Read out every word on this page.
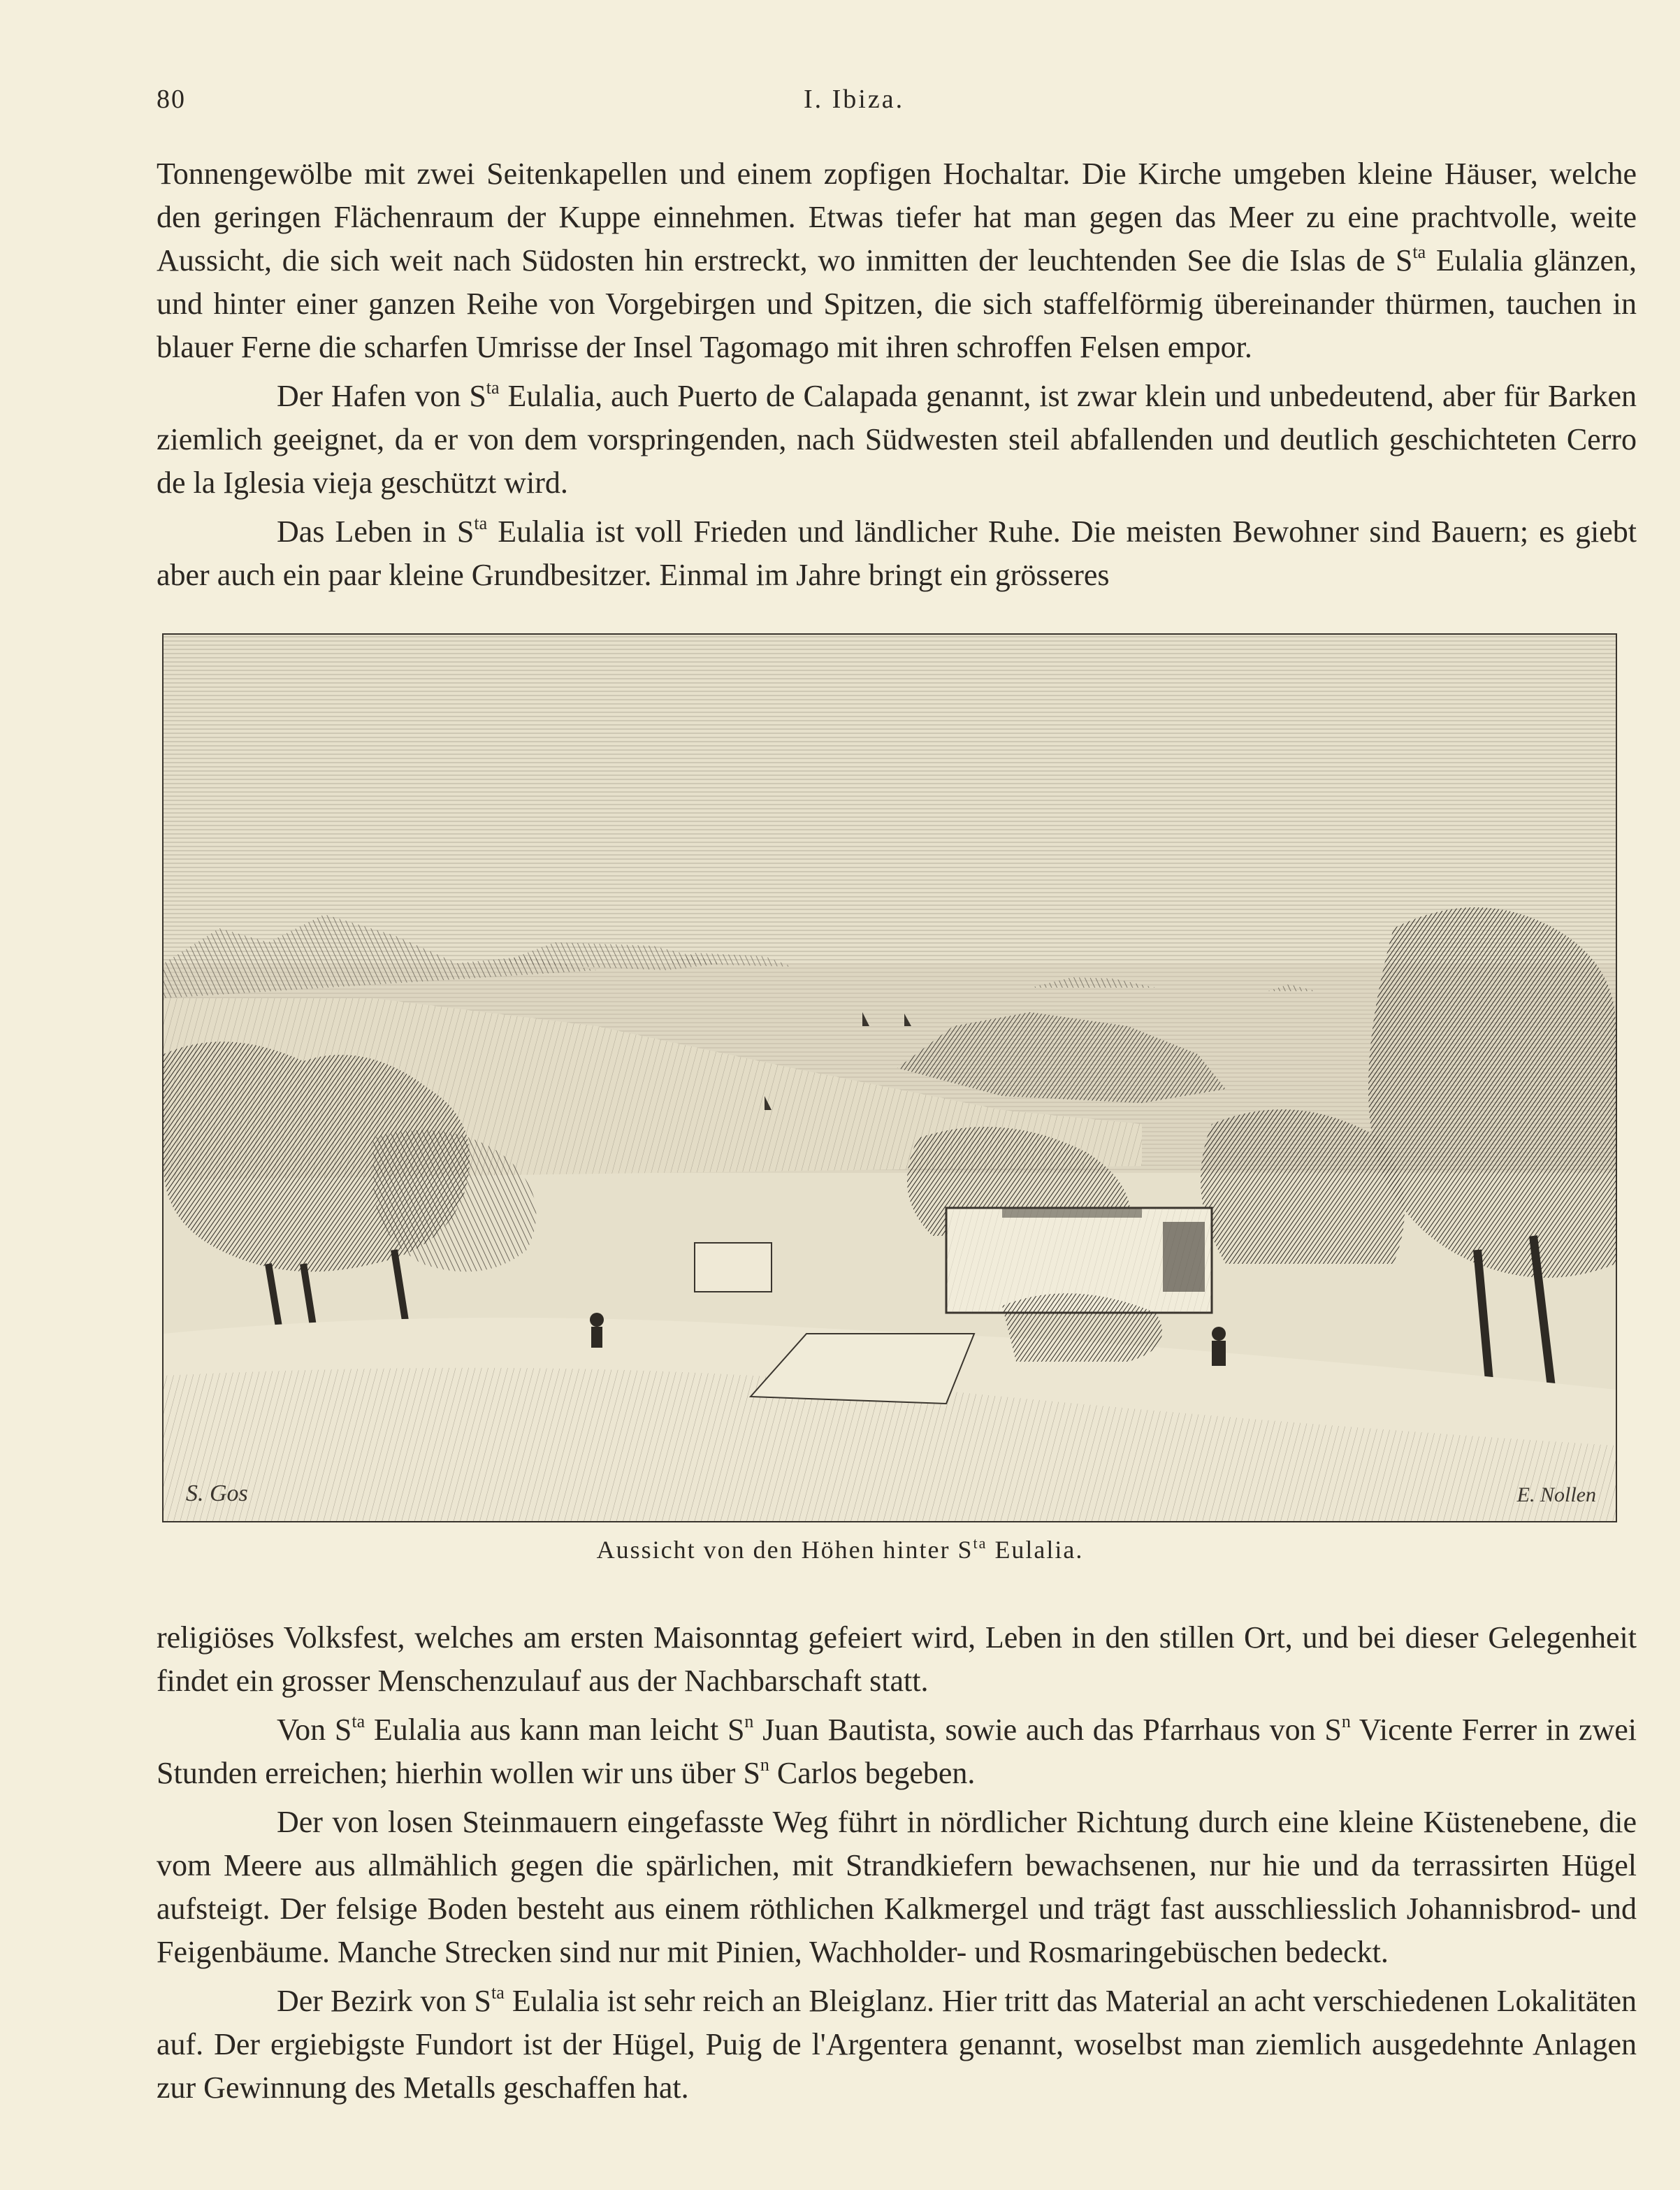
80	I. Ibiza.

Tonnengewölbe mit zwei Seitenkapellen und einem zopfigen Hochaltar. Die Kirche umgeben kleine Häuser, welche den geringen Flächenraum der Kuppe einnehmen. Etwas tiefer hat man gegen das Meer zu eine prachtvolle, weite Aussicht, die sich weit nach Südosten hin erstreckt, wo inmitten der leuchtenden See die Islas de $S^{ta}$ Eulalia glänzen, und hinter einer ganzen Reihe von Vorgebirgen und Spitzen, die sich staffelförmig übereinander thürmen, tauchen in blauer Ferne die scharfen Umrisse der Insel Tagomago mit ihren schroffen Felsen empor.

Der Hafen von $S^{ta}$ Eulalia, auch Puerto de Calapada genannt, ist zwar klein und unbedeutend, aber für Barken ziemlich geeignet, da er von dem vorspringenden, nach Südwesten steil abfallenden und deutlich geschichteten Cerro de la Iglesia vieja geschützt wird.

Das Leben in $S^{ta}$ Eulalia ist voll Frieden und ländlicher Ruhe. Die meisten Bewohner sind Bauern; es giebt aber auch ein paar kleine Grundbesitzer. Einmal im Jahre bringt ein grösseres

S. Gos	E. Nollen
Aussicht von den Höhen hinter $S^{ta}$ Eulalia.

religiöses Volksfest, welches am ersten Maisonntag gefeiert wird, Leben in den stillen Ort, und bei dieser Gelegenheit findet ein grosser Menschenzulauf aus der Nachbarschaft statt.

Von $S^{ta}$ Eulalia aus kann man leicht $S^n$ Juan Bautista, sowie auch das Pfarrhaus von $S^n$ Vicente Ferrer in zwei Stunden erreichen; hierhin wollen wir uns über $S^n$ Carlos begeben.

Der von losen Steinmauern eingefasste Weg führt in nördlicher Richtung durch eine kleine Küstenebene, die vom Meere aus allmählich gegen die spärlichen, mit Strandkiefern bewachsenen, nur hie und da terrassirten Hügel aufsteigt. Der felsige Boden besteht aus einem röthlichen Kalkmergel und trägt fast ausschliesslich Johannisbrod- und Feigenbäume. Manche Strecken sind nur mit Pinien, Wachholder- und Rosmaringebüschen bedeckt.

Der Bezirk von $S^{ta}$ Eulalia ist sehr reich an Bleiglanz. Hier tritt das Material an acht verschiedenen Lokalitäten auf. Der ergiebigste Fundort ist der Hügel, Puig de l'Argentera genannt, woselbst man ziemlich ausgedehnte Anlagen zur Gewinnung des Metalls geschaffen hat.
